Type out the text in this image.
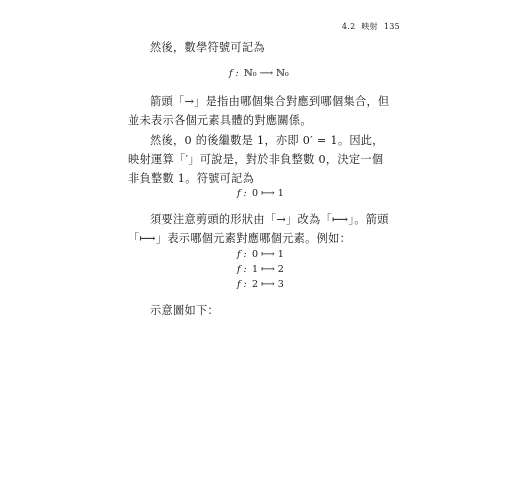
4.2 映射 135

然後，數學符號可記為

f : ℕ₀ ⟶ ℕ₀

箭頭「→」是指由哪個集合對應到哪個集合，但並未表示各個元素具體的對應關係。

然後，0 的後繼數是 1，亦即 0′ = 1。因此，映射運算「′」可說是，對於非負整數 0，決定一個非負整數 1。符號可記為

f : 0 ⟼ 1

須要注意剪頭的形狀由「→」改為「⟼」。箭頭「⟼」表示哪個元素對應哪個元素。例如：

f : 0 ⟼ 1
f : 1 ⟼ 2
f : 2 ⟼ 3

示意圖如下：
